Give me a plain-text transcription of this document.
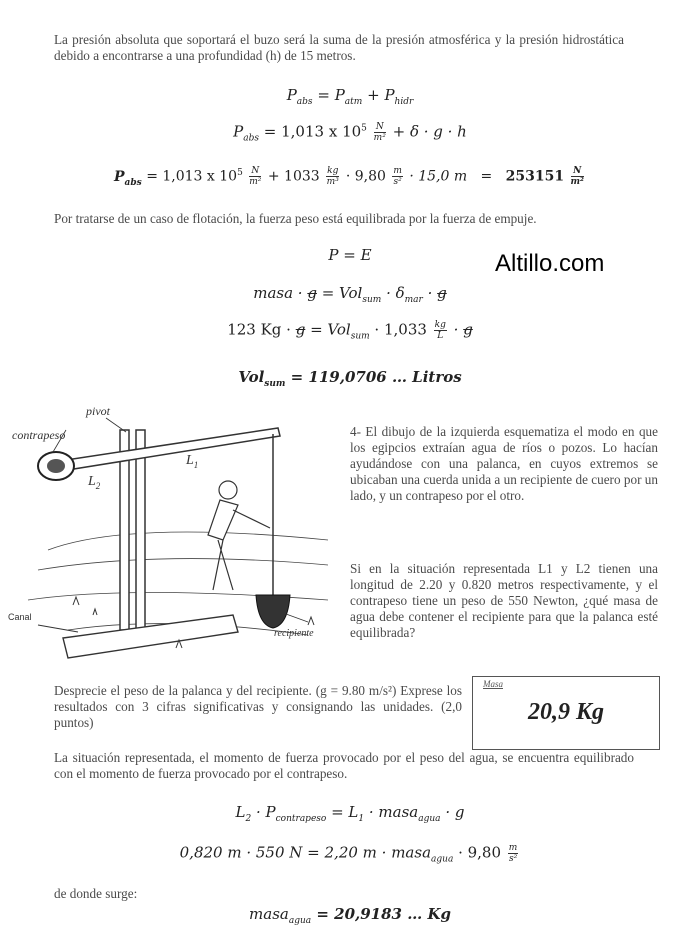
La presión absoluta que soportará el buzo será la suma de la presión atmosférica y la presión hidrostática debido a encontrarse a una profundidad (h) de 15 metros.
$P_{abs} = P_{atm} + P_{hidr}$
$P_{abs} = 1,013$ x $10^5 \frac{N}{\text{m²}} + \delta \cdot g \cdot h$
$P_{abs} = 1,013$ x $10^5 \frac{N}{\text{m²}} + 1033 \frac{kg}{\text{m³}} \cdot 9,80 \frac{m}{\text{s²}} \cdot 15,0$ $m = 253151 \frac{N}{\text{m²}}$
Por tratarse de un caso de flotación, la fuerza peso está equilibrada por la fuerza de empuje.
Altillo.com
P = E
masa · $g = Vol_{sum} \cdot \delta_{mar} \cdot g$
123 $Kg \cdot g = Vol_{sum} \cdot 1,033 \frac{kg}{L} \cdot g$
Vol$_{sum}$ = 119,0706 … Litros
pivot
contrapeso
$L_1$
$L_2$
Canal
recipiente
4- El dibujo de la izquierda esquematiza el modo en que los egipcios extraían agua de ríos o pozos. Lo hacían ayudándose con una palanca, en cuyos extremos se ubicaban una cuerda unida a un recipiente de cuero por un lado, y un contrapeso por el otro.
Si en la situación representada L1 y L2 tienen una longitud de 2.20 y 0.820 metros respectivamente, y el contrapeso tiene un peso de 550 Newton, ¿qué masa de agua debe contener el recipiente para que la palanca esté equilibrada?
Desprecie el peso de la palanca y del recipiente. (g = 9.80 m/s²) Exprese los resultados con 3 cifras significativas y consignando las unidades. (2,0 puntos)
Masa
20,9 Kg
La situación representada, el momento de fuerza provocado por el peso del agua, se encuentra equilibrado con el momento de fuerza provocado por el contrapeso.
$L_2 \cdot P_{contrapeso} = L_1$ · masa$_{agua}$ · g
0,820 m · 550 N = 2,20 m · masa$_{agua}$ · $9,80 \frac{m}{\text{s²}}$
de donde surge:
masa$_{agua}$ = 20,9183 … Kg
